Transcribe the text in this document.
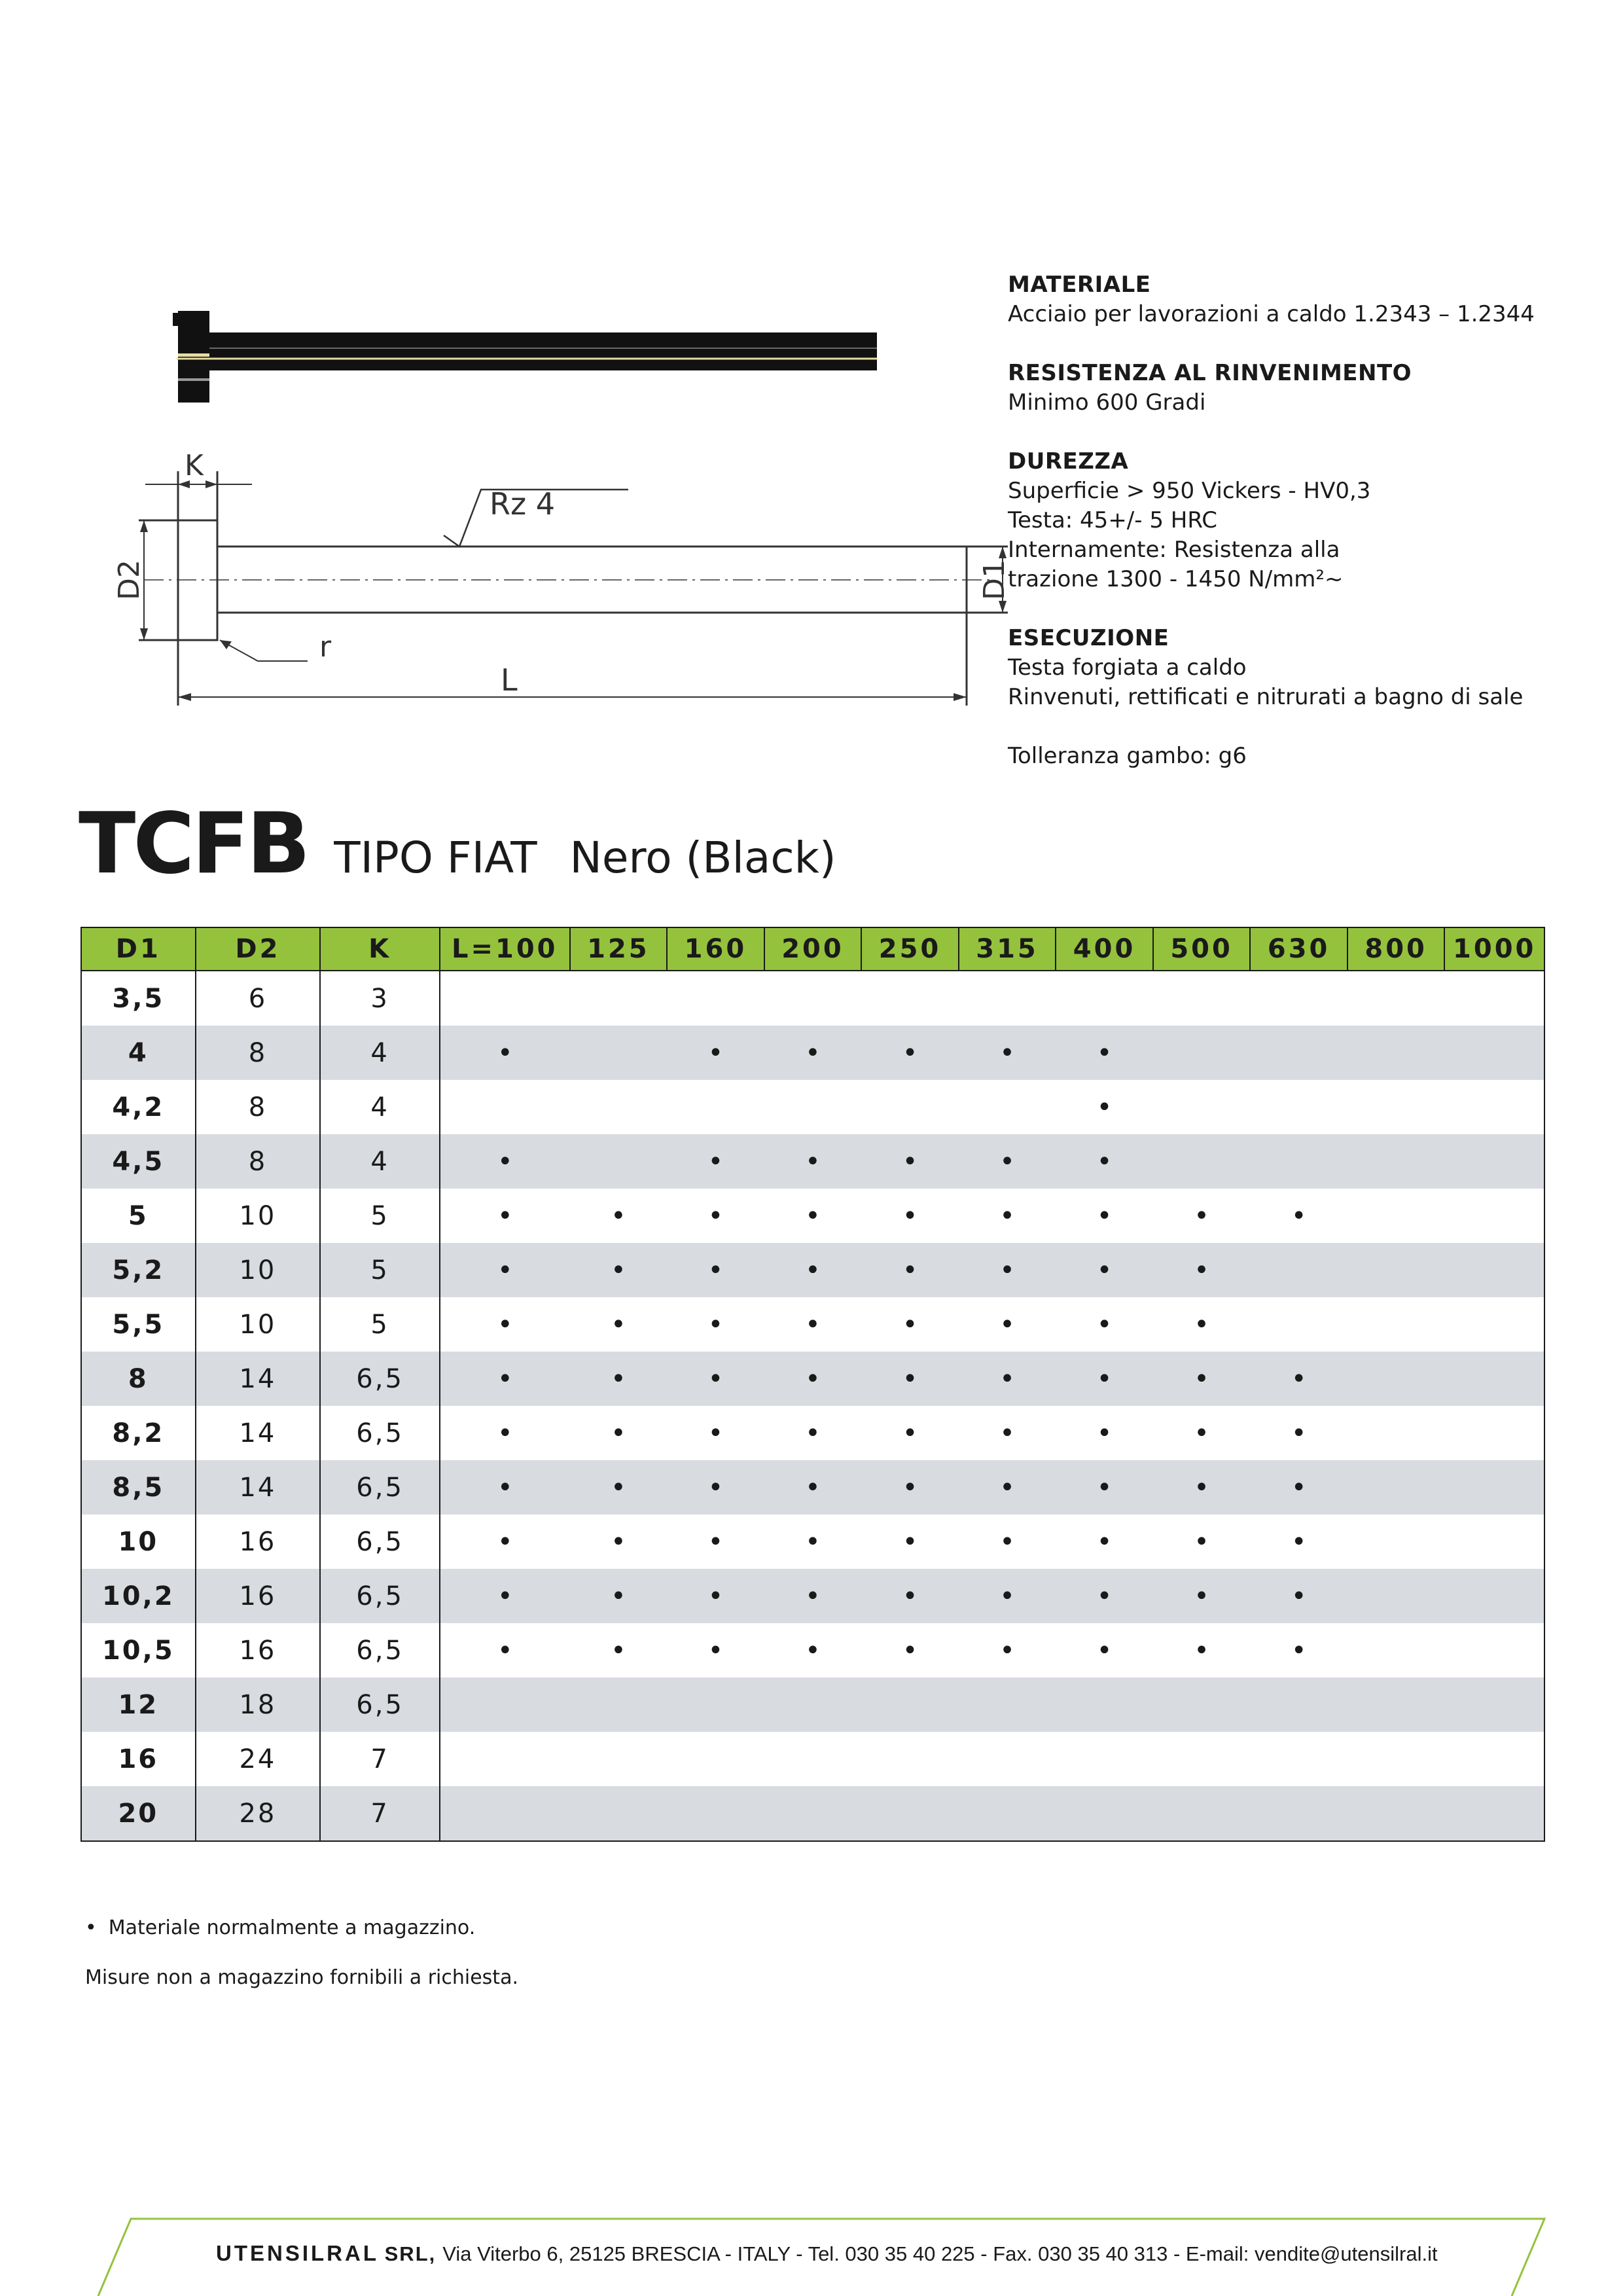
K
Rz 4
D2	D1
r
L
MATERIALE
Acciaio per lavorazioni a caldo 1.2343 – 1.2344
RESISTENZA AL RINVENIMENTO
Minimo 600 Gradi
DUREZZA
Superficie > 950 Vickers - HV0,3
Testa: 45+/- 5 HRC
Internamente: Resistenza alla
trazione 1300 - 1450 N/mm²~
ESECUZIONE
Testa forgiata a caldo
Rinvenuti, rettificati e nitrurati a bagno di sale
Tolleranza gambo: g6
TCFB TIPO FIAT Nero (Black)
D1	D2	K	L=100	125	160	200	250	315	400	500	630	800	1000
3,5	6	3											
4	8	4	•		•	•	•	•	•				
4,2	8	4							•				
4,5	8	4	•		•	•	•	•	•				
5	10	5	•	•	•	•	•	•	•	•	•		
5,2	10	5	•	•	•	•	•	•	•	•			
5,5	10	5	•	•	•	•	•	•	•	•			
8	14	6,5	•	•	•	•	•	•	•	•	•		
8,2	14	6,5	•	•	•	•	•	•	•	•	•		
8,5	14	6,5	•	•	•	•	•	•	•	•	•		
10	16	6,5	•	•	•	•	•	•	•	•	•		
10,2	16	6,5	•	•	•	•	•	•	•	•	•		
10,5	16	6,5	•	•	•	•	•	•	•	•	•		
12	18	6,5											
16	24	7											
20	28	7											
• Materiale normalmente a magazzino.
Misure non a magazzino fornibili a richiesta.
UTENSILRAL SRL, Via Viterbo 6, 25125 BRESCIA - ITALY - Tel. 030 35 40 225 - Fax. 030 35 40 313 - E-mail: vendite@utensilral.it
